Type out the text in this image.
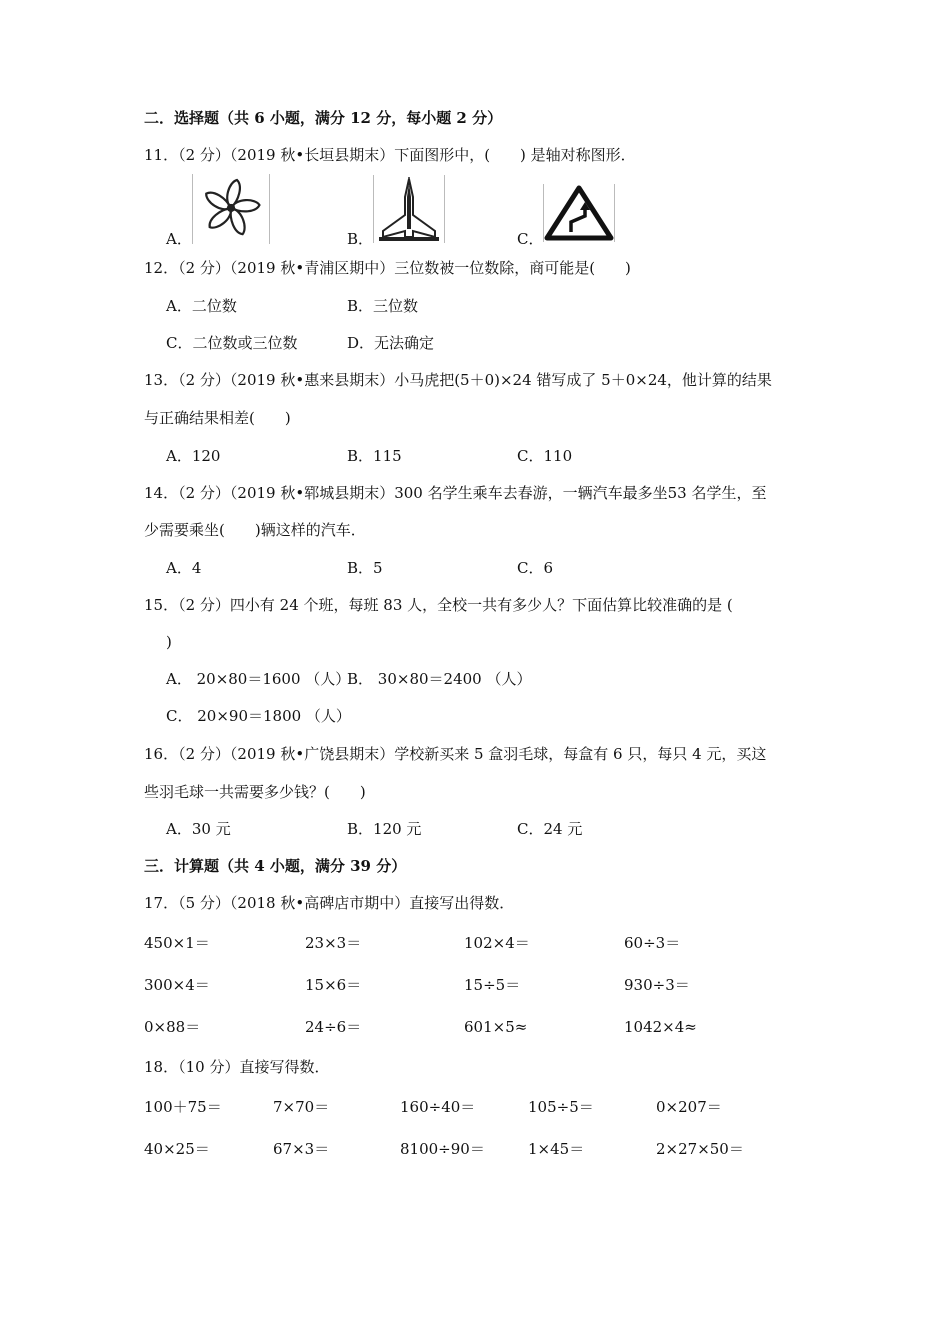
二．选择题（共 6 小题，满分 12 分，每小题 2 分）
11．（2 分）（2019 秋•长垣县期末）下面图形中，(　　) 是轴对称图形．
A．	B．	C．
12．（2 分）（2019 秋•青浦区期中）三位数被一位数除，商可能是(　　)
A．二位数	B．三位数
C．二位数或三位数	D．无法确定
13．（2 分）（2019 秋•惠来县期末）小马虎把(5＋0)×24 错写成了 5＋0×24，他计算的结果
与正确结果相差(　　)
A．120	B．115	C．110
14．（2 分）（2019 秋•郓城县期末）300 名学生乘车去春游，一辆汽车最多坐53 名学生，至
少需要乘坐(　　)辆这样的汽车．
A．4	B．5	C．6
15．（2 分）四小有 24 个班，每班 83 人，全校一共有多少人？下面估算比较准确的是 (
)
A． 20×80＝1600 （人）
B． 30×80＝2400 （人）
C． 20×90＝1800 （人）
16．（2 分）（2019 秋•广饶县期末）学校新买来 5 盒羽毛球，每盒有 6 只，每只 4 元，买这
些羽毛球一共需要多少钱？(　　)
A．30 元	B．120 元	C．24 元
三．计算题（共 4 小题，满分 39 分）
17．（5 分）（2018 秋•高碑店市期中）直接写出得数．
450×1＝	23×3＝	102×4＝	60÷3＝
300×4＝	15×6＝	15÷5＝	930÷3＝
0×88＝	24÷6＝	601×5≈	1042×4≈
18．（10 分）直接写得数．
100＋75＝	7×70＝	160÷40＝	105÷5＝	0×207＝
40×25＝	67×3＝	8100÷90＝	1×45＝	2×27×50＝
